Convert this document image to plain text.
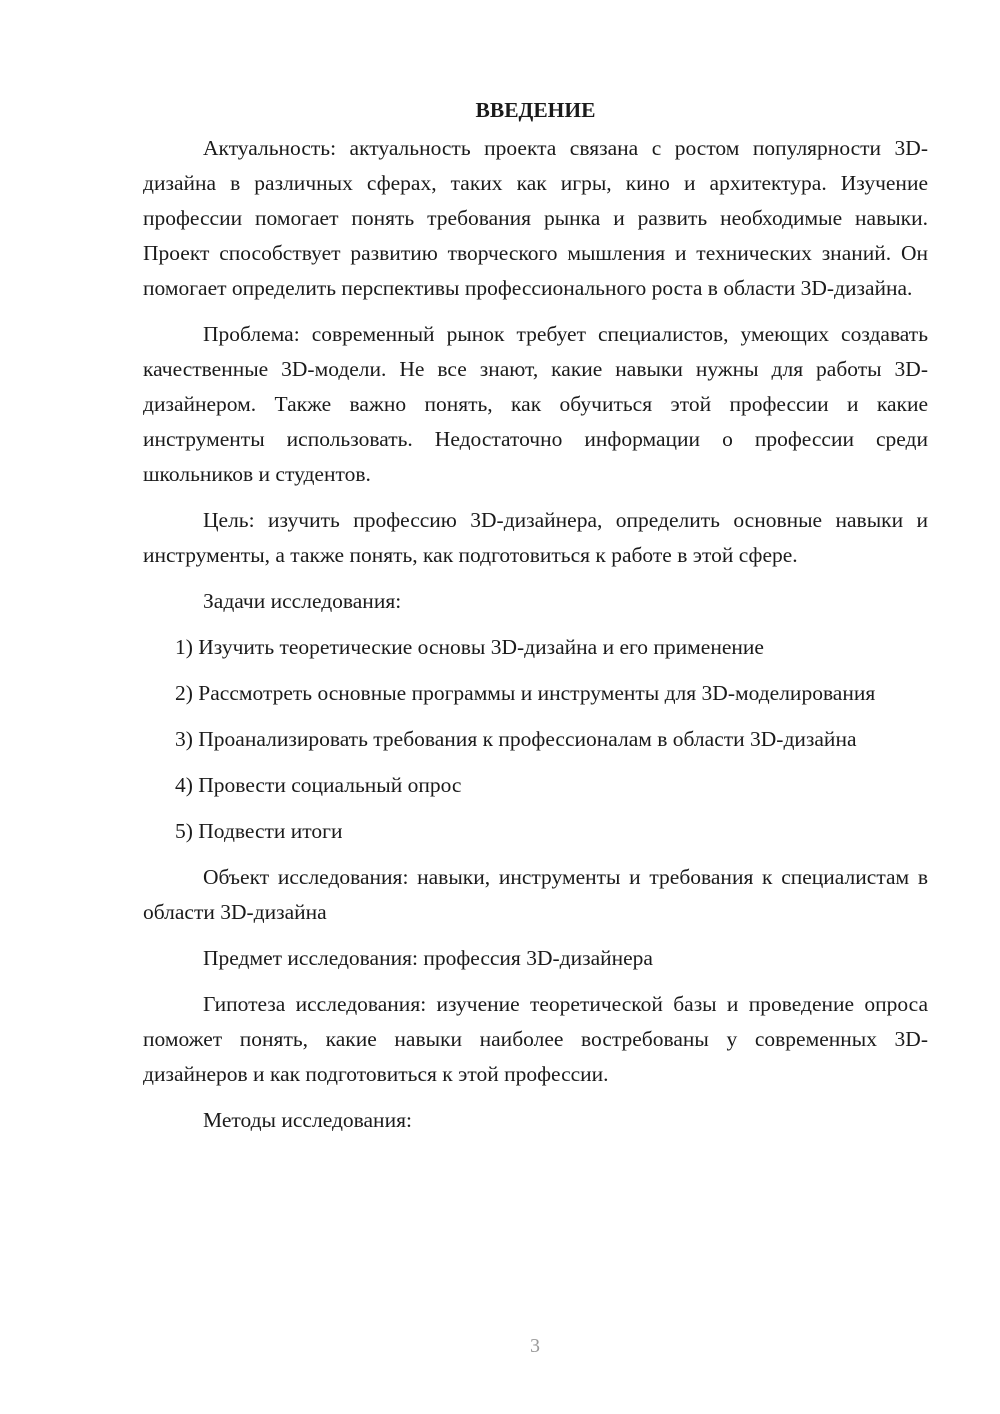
ВВЕДЕНИЕ

Актуальность: актуальность проекта связана с ростом популярности 3D-дизайна в различных сферах, таких как игры, кино и архитектура. Изучение профессии помогает понять требования рынка и развить необходимые навыки. Проект способствует развитию творческого мышления и технических знаний. Он помогает определить перспективы профессионального роста в области 3D-дизайна.

Проблема: современный рынок требует специалистов, умеющих создавать качественные 3D-модели. Не все знают, какие навыки нужны для работы 3D-дизайнером. Также важно понять, как обучиться этой профессии и какие инструменты использовать. Недостаточно информации о профессии среди школьников и студентов.

Цель: изучить профессию 3D-дизайнера, определить основные навыки и инструменты, а также понять, как подготовиться к работе в этой сфере.

Задачи исследования:

1) Изучить теоретические основы 3D-дизайна и его применение

2) Рассмотреть основные программы и инструменты для 3D-моделирования

3) Проанализировать требования к профессионалам в области 3D-дизайна

4) Провести социальный опрос

5) Подвести итоги

Объект исследования: навыки, инструменты и требования к специалистам в области 3D-дизайна

Предмет исследования: профессия 3D-дизайнера

Гипотеза исследования: изучение теоретической базы и проведение опроса поможет понять, какие навыки наиболее востребованы у современных 3D-дизайнеров и как подготовиться к этой профессии.

Методы исследования:

3
